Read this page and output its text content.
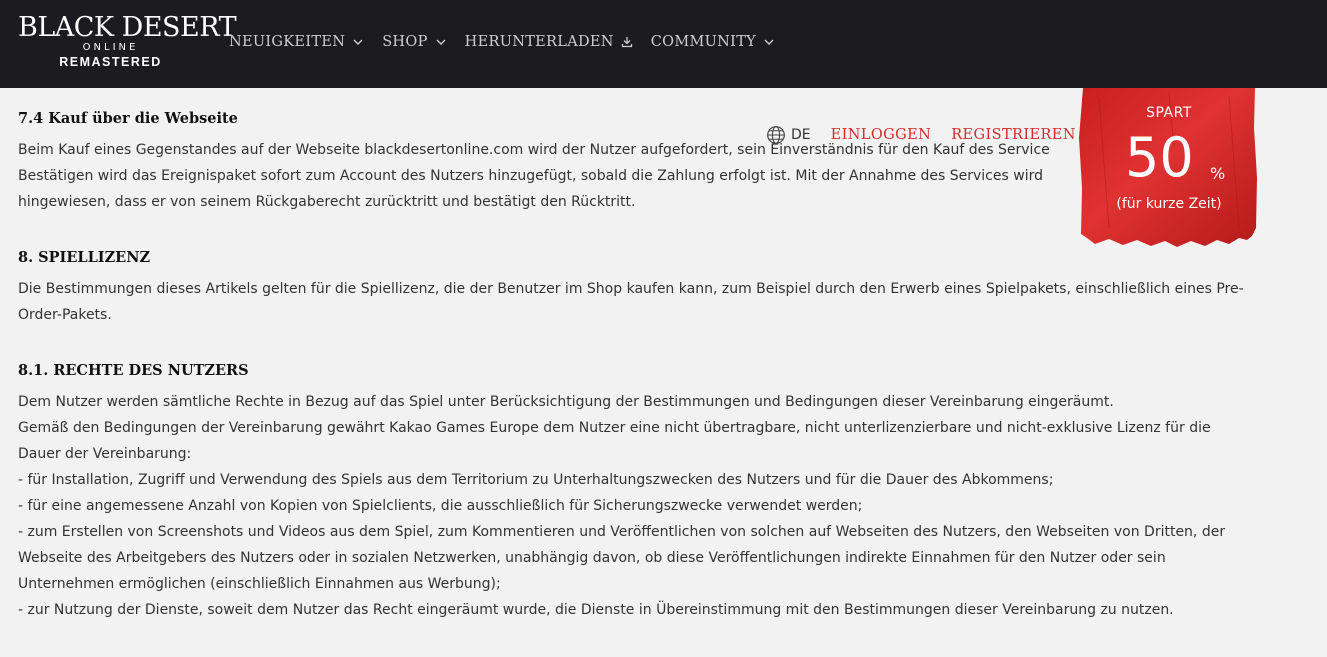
BLACK DESERT
ONLINE
REMASTERED
NEUIGKEITEN	SHOP	HERUNTERLADEN	COMMUNITY
7.4 Kauf über die Webseite

Beim Kauf eines Gegenstandes auf der Webseite blackdesertonline.com wird der Nutzer aufgefordert, sein Einverständnis für den Kauf des Service

Bestätigen wird das Ereignispaket sofort zum Account des Nutzers hinzugefügt, sobald die Zahlung erfolgt ist. Mit der Annahme des Services wird

hingewiesen, dass er von seinem Rückgaberecht zurücktritt und bestätigt den Rücktritt.

8. SPIELLIZENZ

Die Bestimmungen dieses Artikels gelten für die Spiellizenz, die der Benutzer im Shop kaufen kann, zum Beispiel durch den Erwerb eines Spielpakets, einschließlich eines Pre-

Order-Pakets.

8.1. RECHTE DES NUTZERS

Dem Nutzer werden sämtliche Rechte in Bezug auf das Spiel unter Berücksichtigung der Bestimmungen und Bedingungen dieser Vereinbarung eingeräumt.

Gemäß den Bedingungen der Vereinbarung gewährt Kakao Games Europe dem Nutzer eine nicht übertragbare, nicht unterlizenzierbare und nicht-exklusive Lizenz für die

Dauer der Vereinbarung:

- für Installation, Zugriff und Verwendung des Spiels aus dem Territorium zu Unterhaltungszwecken des Nutzers und für die Dauer des Abkommens;

- für eine angemessene Anzahl von Kopien von Spielclients, die ausschließlich für Sicherungszwecke verwendet werden;

- zum Erstellen von Screenshots und Videos aus dem Spiel, zum Kommentieren und Veröffentlichen von solchen auf Webseiten des Nutzers, den Webseiten von Dritten, der

Webseite des Arbeitgebers des Nutzers oder in sozialen Netzwerken, unabhängig davon, ob diese Veröffentlichungen indirekte Einnahmen für den Nutzer oder sein

Unternehmen ermöglichen (einschließlich Einnahmen aus Werbung);

- zur Nutzung der Dienste, soweit dem Nutzer das Recht eingeräumt wurde, die Dienste in Übereinstimmung mit den Bestimmungen dieser Vereinbarung zu nutzen.

DE EINLOGGEN REGISTRIEREN
SPART
50 %
(für kurze Zeit)
